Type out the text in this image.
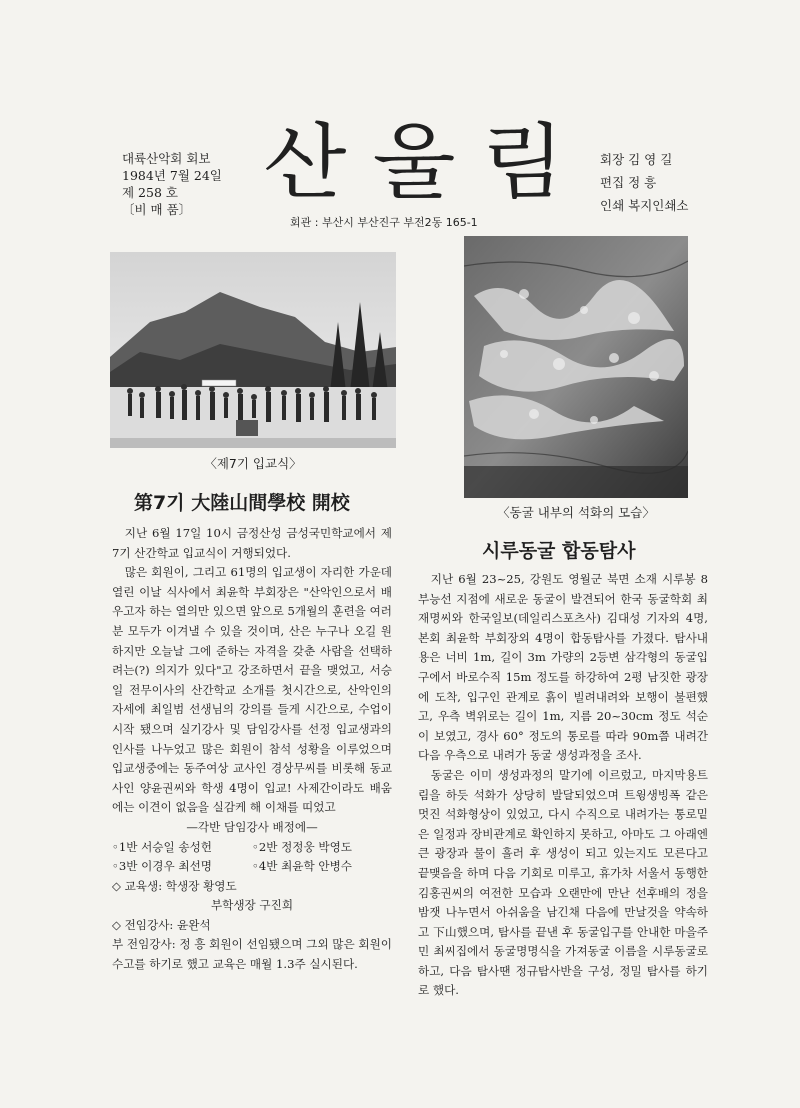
대륙산악회 회보
1984년 7월 24일
제 258 호
〔비 매 품〕 산울림
회관 : 부산시 부산진구 부전2동 165-1
회장 김 영 길
편집 정 흥
인쇄 복지인쇄소
〈제7기 입교식〉
〈동굴 내부의 석화의 모습〉
第7기 大陸山間學校 開校

지난 6월 17일 10시 금정산성 금성국민학교에서 제7기 산간학교 입교식이 거행되었다.

많은 회원이, 그리고 61명의 입교생이 자리한 가운데 열린 이날 식사에서 최윤학 부회장은 "산악인으로서 배우고자 하는 열의만 있으면 앞으로 5개월의 훈련을 여러분 모두가 이겨낼 수 있을 것이며, 산은 누구나 오길 원하지만 오늘날 그에 준하는 자격을 갖춘 사람을 선택하려는(?) 의지가 있다"고 강조하면서 끝을 맺었고, 서승일 전무이사의 산간학교 소개를 첫시간으로, 산악인의 자세에 최일범 선생님의 강의를 들게 시간으로, 수업이 시작 됐으며 실기강사 및 담임강사를 선정 입교생과의 인사를 나누었고 많은 회원이 참석 성황을 이루었으며 입교생중에는 동주여상 교사인 경상무씨를 비롯해 동교사인 양윤권씨와 학생 4명이 입교! 사제간이라도 배움에는 이견이 없음을 실감케 해 이채를 띠었고

—각반 담임강사 배정에—

◦1반 서승일 송성헌	◦2반 정정웅 박영도

◦3반 이경우 최선명	◦4반 최윤학 안병수

◇ 교육생: 학생장 황영도

부학생장 구진희

◇ 전임강사: 윤완석

부 전임강사: 정 흥 회원이 선임됐으며 그외 많은 회원이 수고를 하기로 했고 교육은 매월 1.3주 실시된다.

시루동굴 합동탐사

지난 6월 23~25, 강원도 영월군 북면 소재 시루봉 8부능선 지점에 새로운 동굴이 발견되어 한국 동굴학회 최재명씨와 한국일보(데일리스포츠사) 김대성 기자외 4명, 본회 최윤학 부회장외 4명이 합동탐사를 가졌다. 탐사내용은 너비 1m, 길이 3m 가량의 2등변 삼각형의 동굴입구에서 바로수직 15m 정도를 하강하여 2평 남짓한 광장에 도착, 입구인 관계로 흙이 빌려내려와 보행이 불편했고, 우측 벽위로는 길이 1m, 지름 20~30cm 정도 석순이 보였고, 경사 60° 정도의 통로를 따라 90m쯤 내려간 다음 우측으로 내려가 동굴 생성과정을 조사.

동굴은 이미 생성과정의 말기에 이르렀고, 마지막용트림을 하듯 석화가 상당히 발달되었으며 트윙생빙폭 같은 멋진 석화형상이 있었고, 다시 수직으로 내려가는 통로밑은 일정과 장비관계로 확인하지 못하고, 아마도 그 아래엔 큰 광장과 물이 흘러 후 생성이 되고 있는지도 모른다고 끝맺음을 하며 다음 기회로 미루고, 휴가차 서울서 동행한 김홍권씨의 여전한 모습과 오랜만에 만난 선후배의 정을 밤잿 나누면서 아쉬움을 남긴채 다음에 만날것을 약속하고 下山했으며, 탐사를 끝낸 후 동굴입구를 안내한 마을주민 최씨집에서 동굴명명식을 가져동굴 이름을 시루동굴로 하고, 다음 탐사땐 정규탐사반을 구성, 정밀 탐사를 하기로 했다.
